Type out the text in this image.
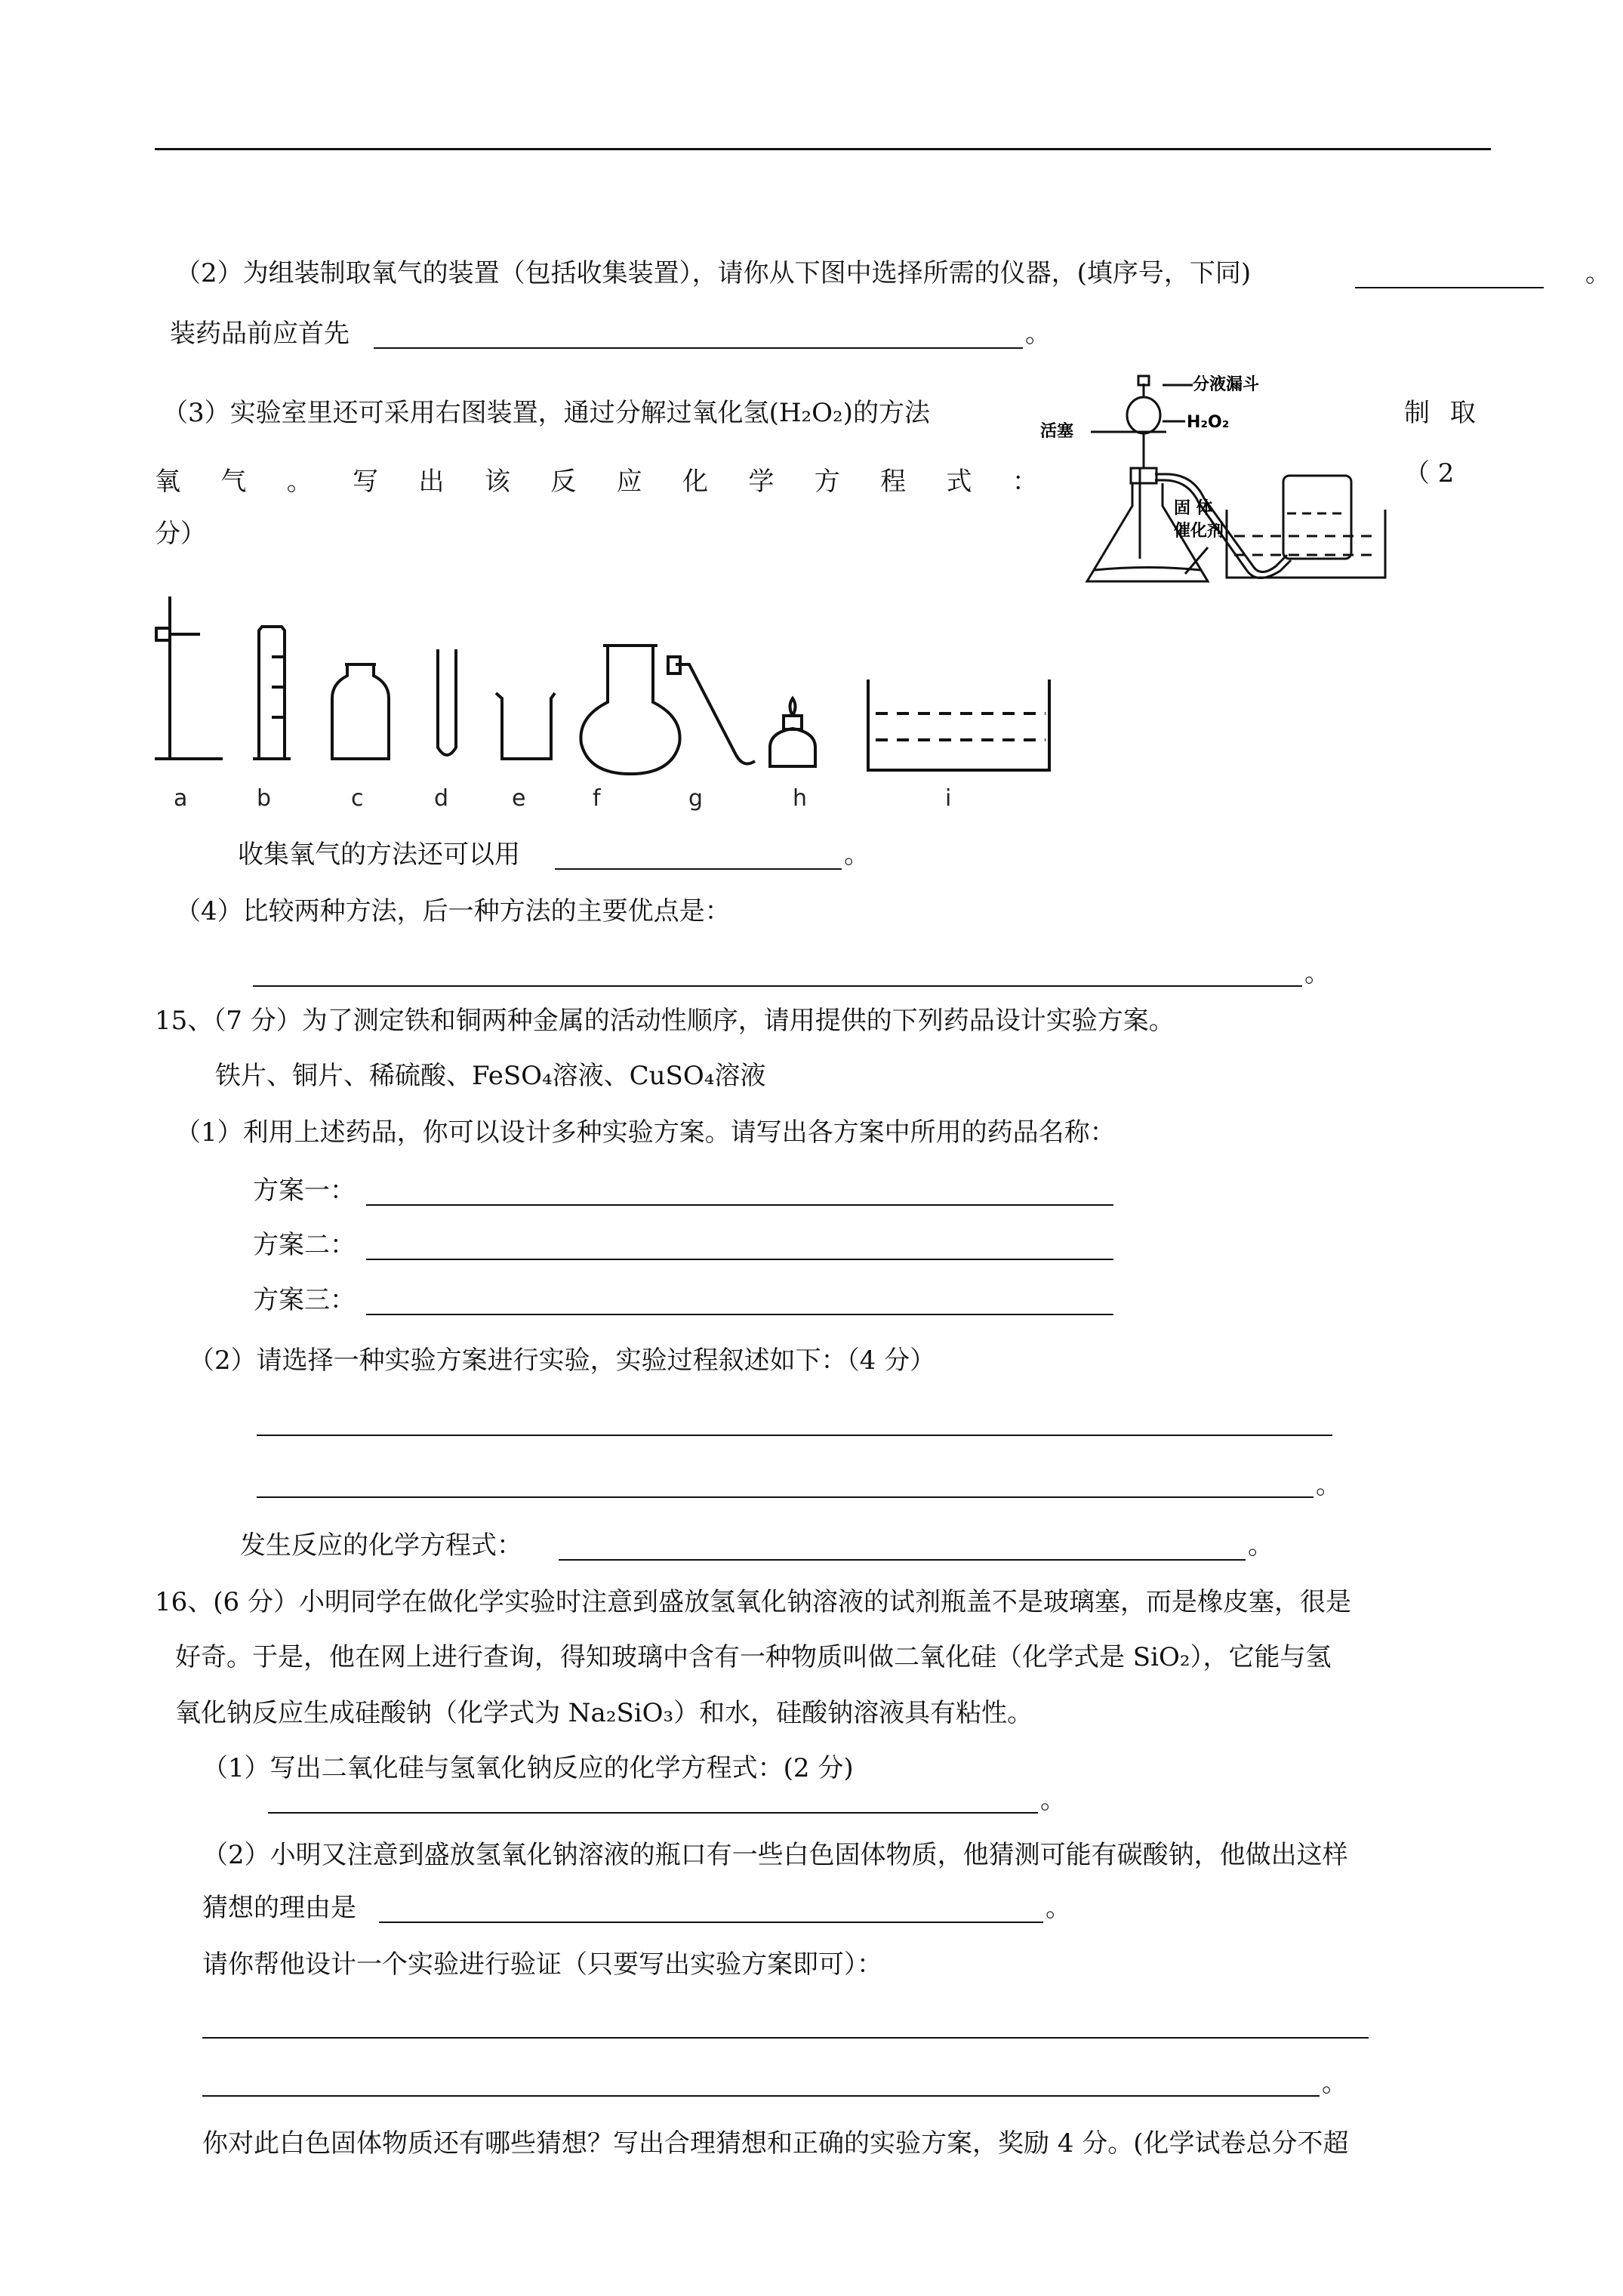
（2）为组装制取氧气的装置（包括收集装置），请你从下图中选择所需的仪器，(填序号，下同)	。
装药品前应首先	。
（3）实验室里还可采用右图装置，通过分解过氧化氢(H₂O₂)的方法	制 取
氧 气 。 写 出 该 反 应 化 学 方 程 式 ：	（ 2
分）
分液漏斗
活塞	H₂O₂
固 体
催化剂
a	b	c	d	e	f	g	h	i
收集氧气的方法还可以用	。
（4）比较两种方法，后一种方法的主要优点是：
。
15、（7 分）为了测定铁和铜两种金属的活动性顺序，请用提供的下列药品设计实验方案。
铁片、铜片、稀硫酸、FeSO₄溶液、CuSO₄溶液
（1）利用上述药品，你可以设计多种实验方案。请写出各方案中所用的药品名称：
方案一：
方案二：
方案三：
（2）请选择一种实验方案进行实验，实验过程叙述如下：（4 分）
。
发生反应的化学方程式：	。
16、(6 分）小明同学在做化学实验时注意到盛放氢氧化钠溶液的试剂瓶盖不是玻璃塞，而是橡皮塞，很是
好奇。于是，他在网上进行查询，得知玻璃中含有一种物质叫做二氧化硅（化学式是 SiO₂），它能与氢
氧化钠反应生成硅酸钠（化学式为 Na₂SiO₃）和水，硅酸钠溶液具有粘性。
（1）写出二氧化硅与氢氧化钠反应的化学方程式：(2 分)
。
（2）小明又注意到盛放氢氧化钠溶液的瓶口有一些白色固体物质，他猜测可能有碳酸钠，他做出这样
猜想的理由是	。
请你帮他设计一个实验进行验证（只要写出实验方案即可）：
。
你对此白色固体物质还有哪些猜想？写出合理猜想和正确的实验方案，奖励 4 分。(化学试卷总分不超
